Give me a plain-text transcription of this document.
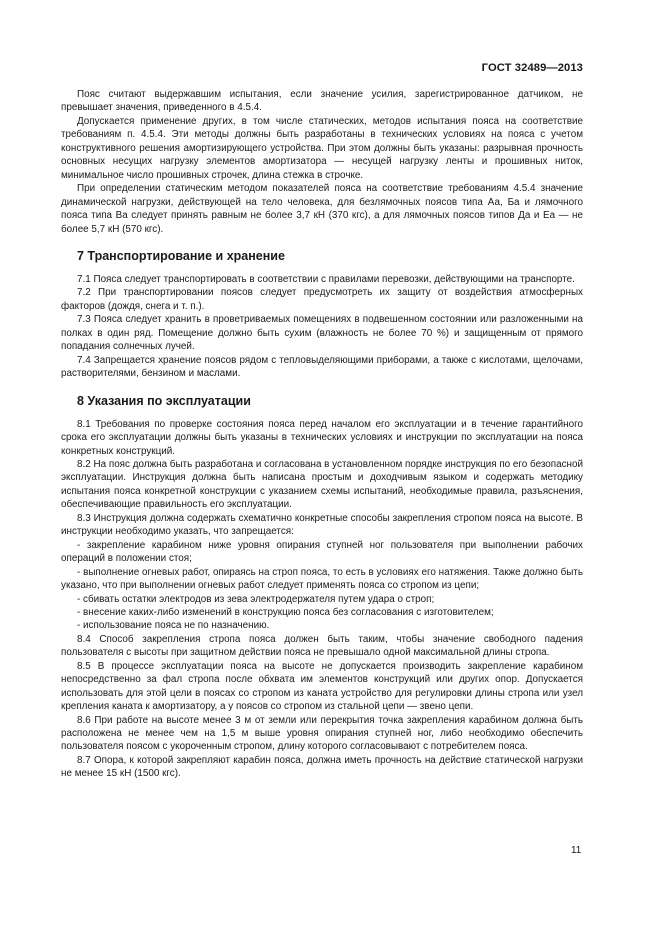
ГОСТ 32489—2013

Пояс считают выдержавшим испытания, если значение усилия, зарегистрированное датчиком, не превышает значения, приведенного в 4.5.4.

Допускается применение других, в том числе статических, методов испытания пояса на соответствие требованиям п. 4.5.4. Эти методы должны быть разработаны в технических условиях на пояса с учетом конструктивного решения амортизирующего устройства. При этом должны быть указаны: разрывная прочность основных несущих нагрузку элементов амортизатора — несущей нагрузку ленты и прошивных ниток, минимальное число прошивных строчек, длина стежка в строчке.

При определении статическим методом показателей пояса на соответствие требованиям 4.5.4 значение динамической нагрузки, действующей на тело человека, для безлямочных поясов типа Аа, Ба и лямочного пояса типа Ва следует принять равным не более 3,7 кН (370 кгс), а для лямочных поясов типов Да и Еа — не более 5,7 кН (570 кгс).

7 Транспортирование и хранение

7.1 Пояса следует транспортировать в соответствии с правилами перевозки, действующими на транспорте.

7.2 При транспортировании поясов следует предусмотреть их защиту от воздействия атмосферных факторов (дождя, снега и т. п.).

7.3 Пояса следует хранить в проветриваемых помещениях в подвешенном состоянии или разложенными на полках в один ряд. Помещение должно быть сухим (влажность не более 70 %) и защищенным от прямого попадания солнечных лучей.

7.4 Запрещается хранение поясов рядом с тепловыделяющими приборами, а также с кислотами, щелочами, растворителями, бензином и маслами.

8 Указания по эксплуатации

8.1 Требования по проверке состояния пояса перед началом его эксплуатации и в течение гарантийного срока его эксплуатации должны быть указаны в технических условиях и инструкции по эксплуатации на пояса конкретных конструкций.

8.2 На пояс должна быть разработана и согласована в установленном порядке инструкция по его безопасной эксплуатации. Инструкция должна быть написана простым и доходчивым языком и содержать методику испытания пояса конкретной конструкции с указанием схемы испытаний, необходимые правила, разъяснения, обеспечивающие правильность его эксплуатации.

8.3 Инструкция должна содержать схематично конкретные способы закрепления стропом пояса на высоте. В инструкции необходимо указать, что запрещается:

- закрепление карабином ниже уровня опирания ступней ног пользователя при выполнении рабочих операций в положении стоя;

- выполнение огневых работ, опираясь на строп пояса, то есть в условиях его натяжения. Также должно быть указано, что при выполнении огневых работ следует применять пояса со стропом из цепи;

- сбивать остатки электродов из зева электродержателя путем удара о строп;

- внесение каких-либо изменений в конструкцию пояса без согласования с изготовителем;

- использование пояса не по назначению.

8.4 Способ закрепления стропа пояса должен быть таким, чтобы значение свободного падения пользователя с высоты при защитном действии пояса не превышало одной максимальной длины стропа.

8.5 В процессе эксплуатации пояса на высоте не допускается производить закрепление карабином непосредственно за фал стропа после обхвата им элементов конструкций или других опор. Допускается использовать для этой цели в поясах со стропом из каната устройство для регулировки длины стропа или узел крепления каната к амортизатору, а у поясов со стропом из стальной цепи — звено цепи.

8.6 При работе на высоте менее 3 м от земли или перекрытия точка закрепления карабином должна быть расположена не менее чем на 1,5 м выше уровня опирания ступней ног, либо необходимо обеспечить пользователя поясом с укороченным стропом, длину которого согласовывают с потребителем пояса.

8.7 Опора, к которой закрепляют карабин пояса, должна иметь прочность на действие статической нагрузки не менее 15 кН (1500 кгс).

11
